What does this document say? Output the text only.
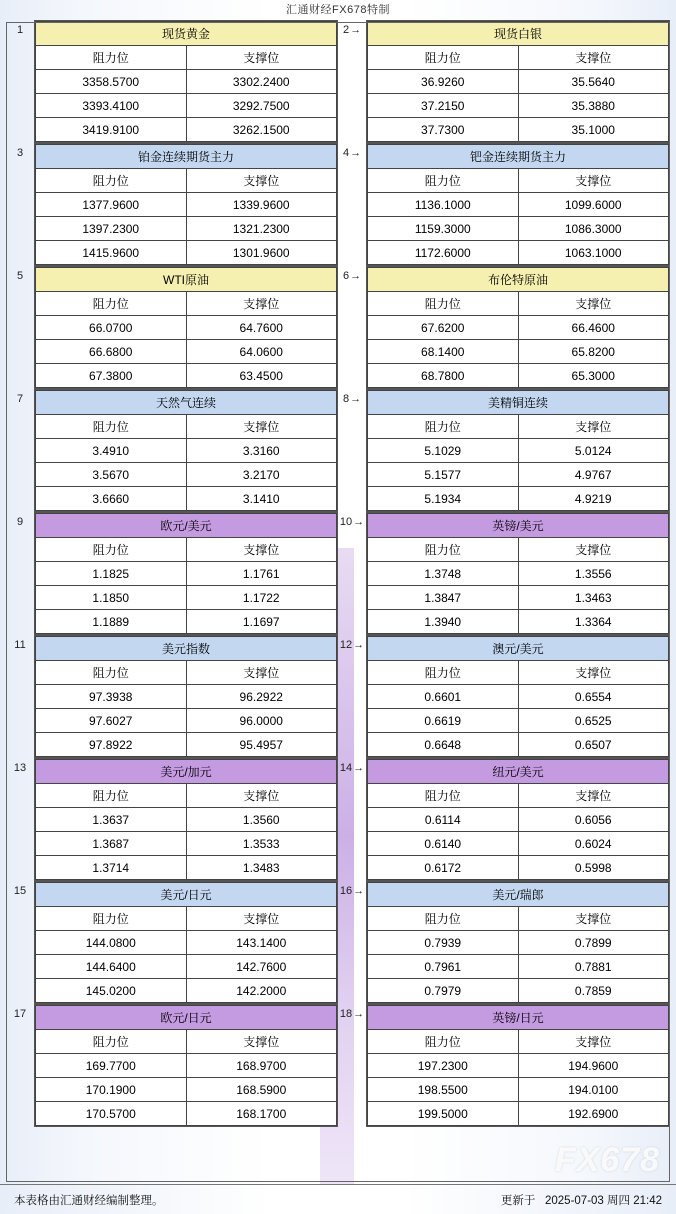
汇通财经FX678特制
1	现货黄金	
阻力位	支撑位
3358.5700	3302.2400
3393.4100	3292.7500
3419.9100	3262.1500
2 →	现货白银	
阻力位	支撑位
36.9260	35.5640
37.2150	35.3880
37.7300	35.1000
3	铂金连续期货主力	
阻力位	支撑位
1377.9600	1339.9600
1397.2300	1321.2300
1415.9600	1301.9600
4 →	钯金连续期货主力	
阻力位	支撑位
1136.1000	1099.6000
1159.3000	1086.3000
1172.6000	1063.1000
5	WTI原油	
阻力位	支撑位
66.0700	64.7600
66.6800	64.0600
67.3800	63.4500
6 →	布伦特原油	
阻力位	支撑位
67.6200	66.4600
68.1400	65.8200
68.7800	65.3000
7	天然气连续	
阻力位	支撑位
3.4910	3.3160
3.5670	3.2170
3.6660	3.1410
8 →	美精铜连续	
阻力位	支撑位
5.1029	5.0124
5.1577	4.9767
5.1934	4.9219
9	欧元/美元	
阻力位	支撑位
1.1825	1.1761
1.1850	1.1722
1.1889	1.1697
10 →	英镑/美元	
阻力位	支撑位
1.3748	1.3556
1.3847	1.3463
1.3940	1.3364
11	美元指数	
阻力位	支撑位
97.3938	96.2922
97.6027	96.0000
97.8922	95.4957
12 →	澳元/美元	
阻力位	支撑位
0.6601	0.6554
0.6619	0.6525
0.6648	0.6507
13	美元/加元	
阻力位	支撑位
1.3637	1.3560
1.3687	1.3533
1.3714	1.3483
14 →	纽元/美元	
阻力位	支撑位
0.6114	0.6056
0.6140	0.6024
0.6172	0.5998
15	美元/日元	
阻力位	支撑位
144.0800	143.1400
144.6400	142.7600
145.0200	142.2000
16 →	美元/瑞郎	
阻力位	支撑位
0.7939	0.7899
0.7961	0.7881
0.7979	0.7859
17	欧元/日元	
阻力位	支撑位
169.7700	168.9700
170.1900	168.5900
170.5700	168.1700
18 →	英镑/日元	
阻力位	支撑位
197.2300	194.9600
198.5500	194.0100
199.5000	192.6900
FX678
本表格由汇通财经编制整理。	更新于 2025-07-03 周四 21:42
